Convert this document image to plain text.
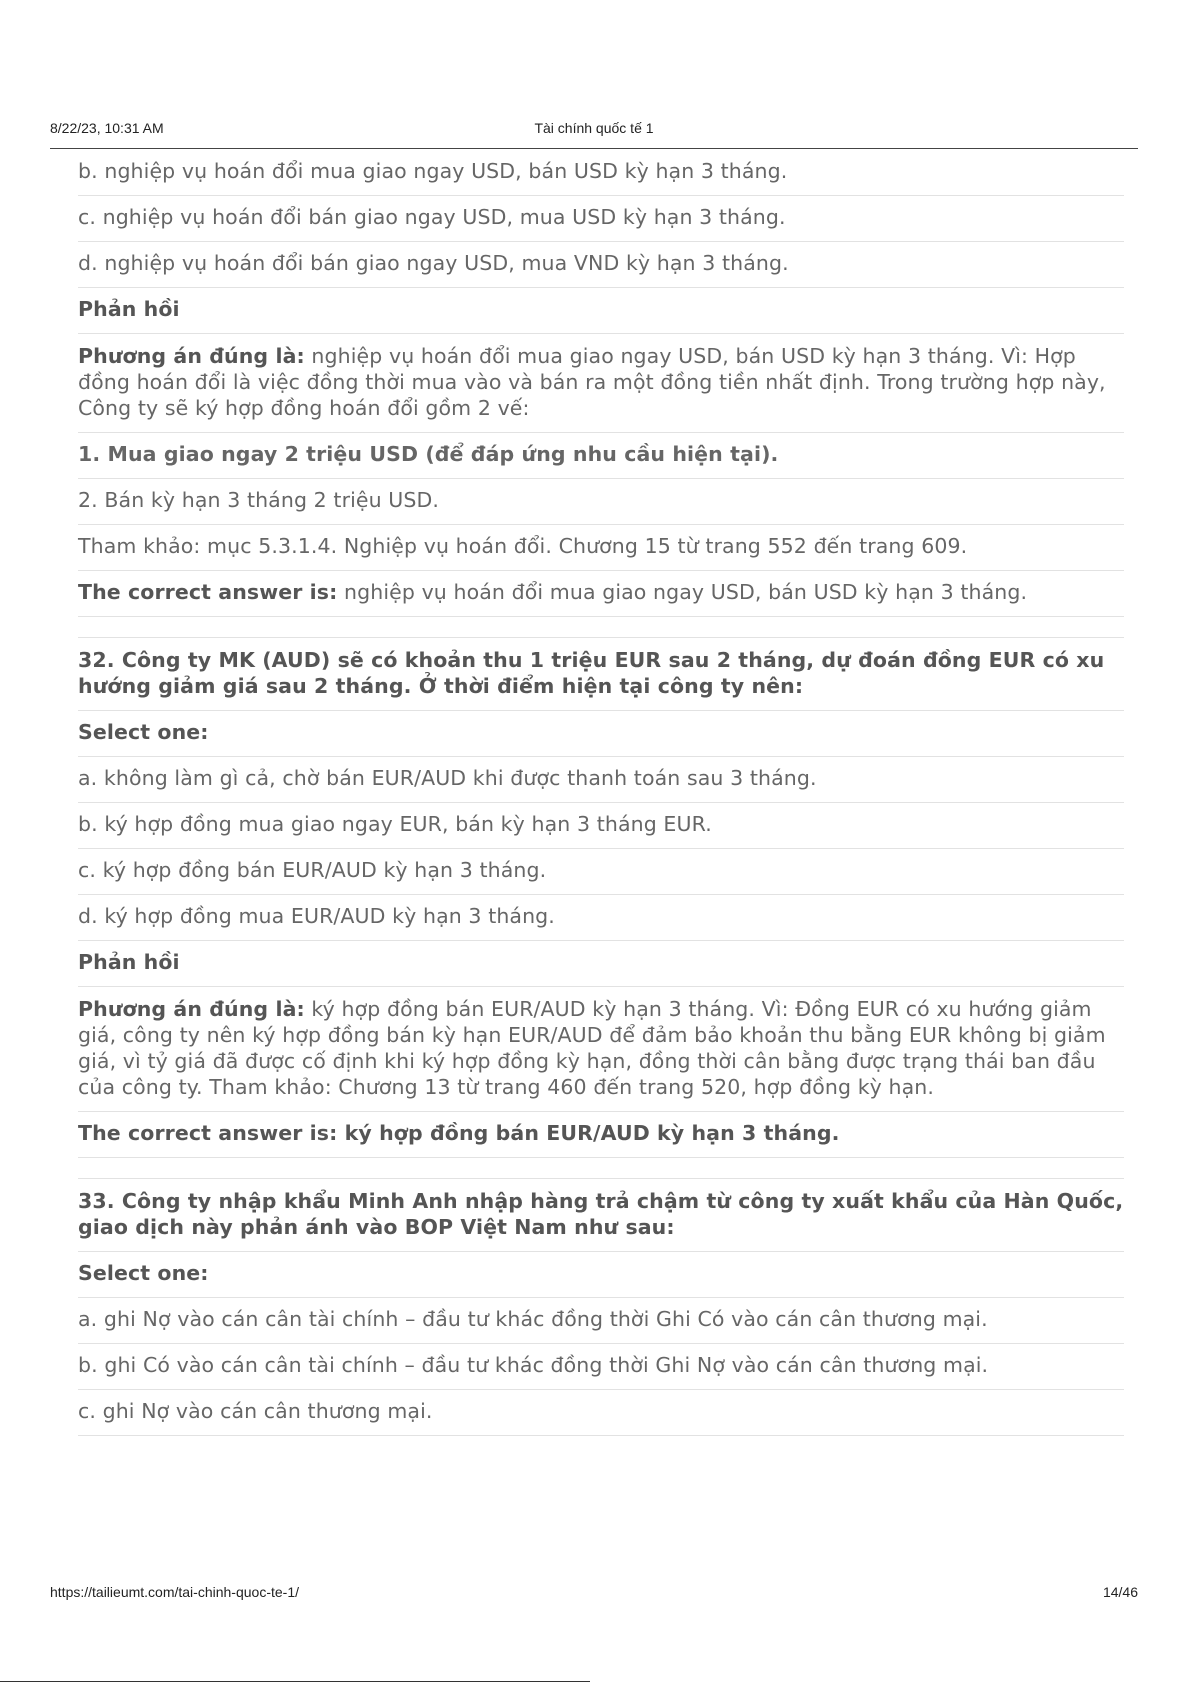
8/22/23, 10:31 AM	Tài chính quốc tế 1
b. nghiệp vụ hoán đổi mua giao ngay USD, bán USD kỳ hạn 3 tháng.
c. nghiệp vụ hoán đổi bán giao ngay USD, mua USD kỳ hạn 3 tháng.
d. nghiệp vụ hoán đổi bán giao ngay USD, mua VND kỳ hạn 3 tháng.
Phản hồi
Phương án đúng là: nghiệp vụ hoán đổi mua giao ngay USD, bán USD kỳ hạn 3 tháng. Vì: Hợp đồng hoán đổi là việc đồng thời mua vào và bán ra một đồng tiền nhất định. Trong trường hợp này, Công ty sẽ ký hợp đồng hoán đổi gồm 2 vế:
1. Mua giao ngay 2 triệu USD (để đáp ứng nhu cầu hiện tại).
2. Bán kỳ hạn 3 tháng 2 triệu USD.
Tham khảo: mục 5.3.1.4. Nghiệp vụ hoán đổi. Chương 15 từ trang 552 đến trang 609.
The correct answer is: nghiệp vụ hoán đổi mua giao ngay USD, bán USD kỳ hạn 3 tháng.
32. Công ty MK (AUD) sẽ có khoản thu 1 triệu EUR sau 2 tháng, dự đoán đồng EUR có xu hướng giảm giá sau 2 tháng. Ở thời điểm hiện tại công ty nên:
Select one:
a. không làm gì cả, chờ bán EUR/AUD khi được thanh toán sau 3 tháng.
b. ký hợp đồng mua giao ngay EUR, bán kỳ hạn 3 tháng EUR.
c. ký hợp đồng bán EUR/AUD kỳ hạn 3 tháng.
d. ký hợp đồng mua EUR/AUD kỳ hạn 3 tháng.
Phản hồi
Phương án đúng là: ký hợp đồng bán EUR/AUD kỳ hạn 3 tháng. Vì: Đồng EUR có xu hướng giảm giá, công ty nên ký hợp đồng bán kỳ hạn EUR/AUD để đảm bảo khoản thu bằng EUR không bị giảm giá, vì tỷ giá đã được cố định khi ký hợp đồng kỳ hạn, đồng thời cân bằng được trạng thái ban đầu của công ty. Tham khảo: Chương 13 từ trang 460 đến trang 520, hợp đồng kỳ hạn.
The correct answer is: ký hợp đồng bán EUR/AUD kỳ hạn 3 tháng.
33. Công ty nhập khẩu Minh Anh nhập hàng trả chậm từ công ty xuất khẩu của Hàn Quốc, giao dịch này phản ánh vào BOP Việt Nam như sau:
Select one:
a. ghi Nợ vào cán cân tài chính – đầu tư khác đồng thời Ghi Có vào cán cân thương mại.
b. ghi Có vào cán cân tài chính – đầu tư khác đồng thời Ghi Nợ vào cán cân thương mại.
c. ghi Nợ vào cán cân thương mại.
https://tailieumt.com/tai-chinh-quoc-te-1/	14/46
